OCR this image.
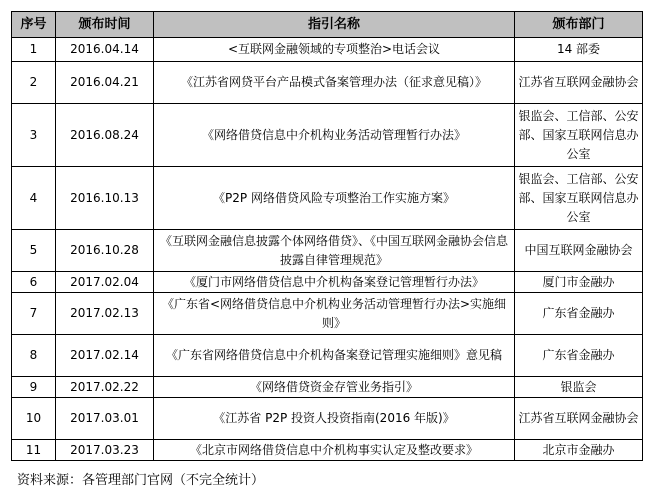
序号	颁布时间	指引名称	颁布部门
1	2016.04.14	<互联网金融领域的专项整治>电话会议	14 部委
2	2016.04.21	《江苏省网贷平台产品模式备案管理办法（征求意见稿）》	江苏省互联网金融协会
3	2016.08.24	《网络借贷信息中介机构业务活动管理暂行办法》	银监会、工信部、公安部、国家互联网信息办公室
4	2016.10.13	《P2P 网络借贷风险专项整治工作实施方案》	银监会、工信部、公安部、国家互联网信息办公室
5	2016.10.28	《互联网金融信息披露个体网络借贷》、《中国互联网金融协会信息披露自律管理规范》	中国互联网金融协会
6	2017.02.04	《厦门市网络借贷信息中介机构备案登记管理暂行办法》	厦门市金融办
7	2017.02.13	《广东省<网络借贷信息中介机构业务活动管理暂行办法>实施细则》	广东省金融办
8	2017.02.14	《广东省网络借贷信息中介机构备案登记管理实施细则》意见稿	广东省金融办
9	2017.02.22	《网络借贷资金存管业务指引》	银监会
10	2017.03.01	《江苏省 P2P 投资人投资指南(2016 年版)》	江苏省互联网金融协会
11	2017.03.23	《北京市网络借贷信息中介机构事实认定及整改要求》	北京市金融办
资料来源：各管理部门官网（不完全统计）
